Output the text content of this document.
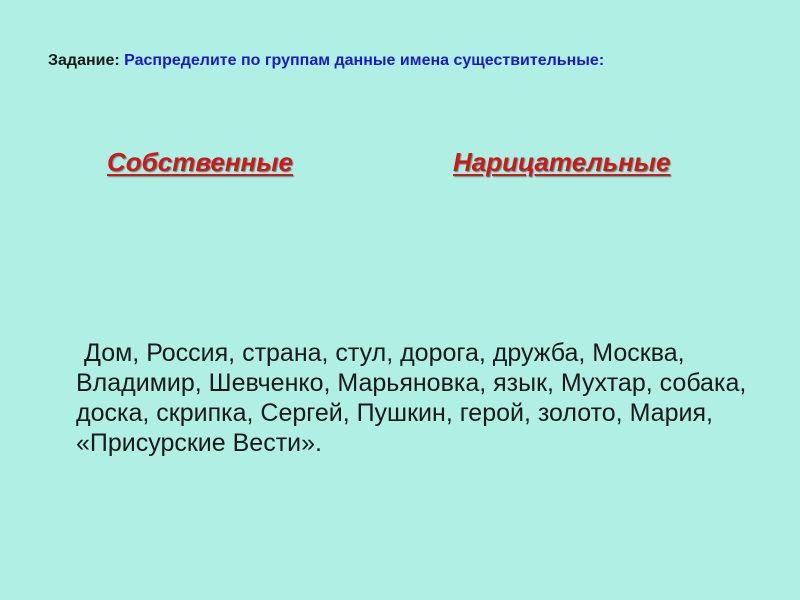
Задание: Распределите по группам данные имена существительные:
Собственные	Нарицательные
Дом, Россия, страна, стул, дорога, дружба, Москва, Владимир, Шевченко, Марьяновка, язык, Мухтар, собака, доска, скрипка, Сергей, Пушкин, герой, золото, Мария, «Присурские Вести».
